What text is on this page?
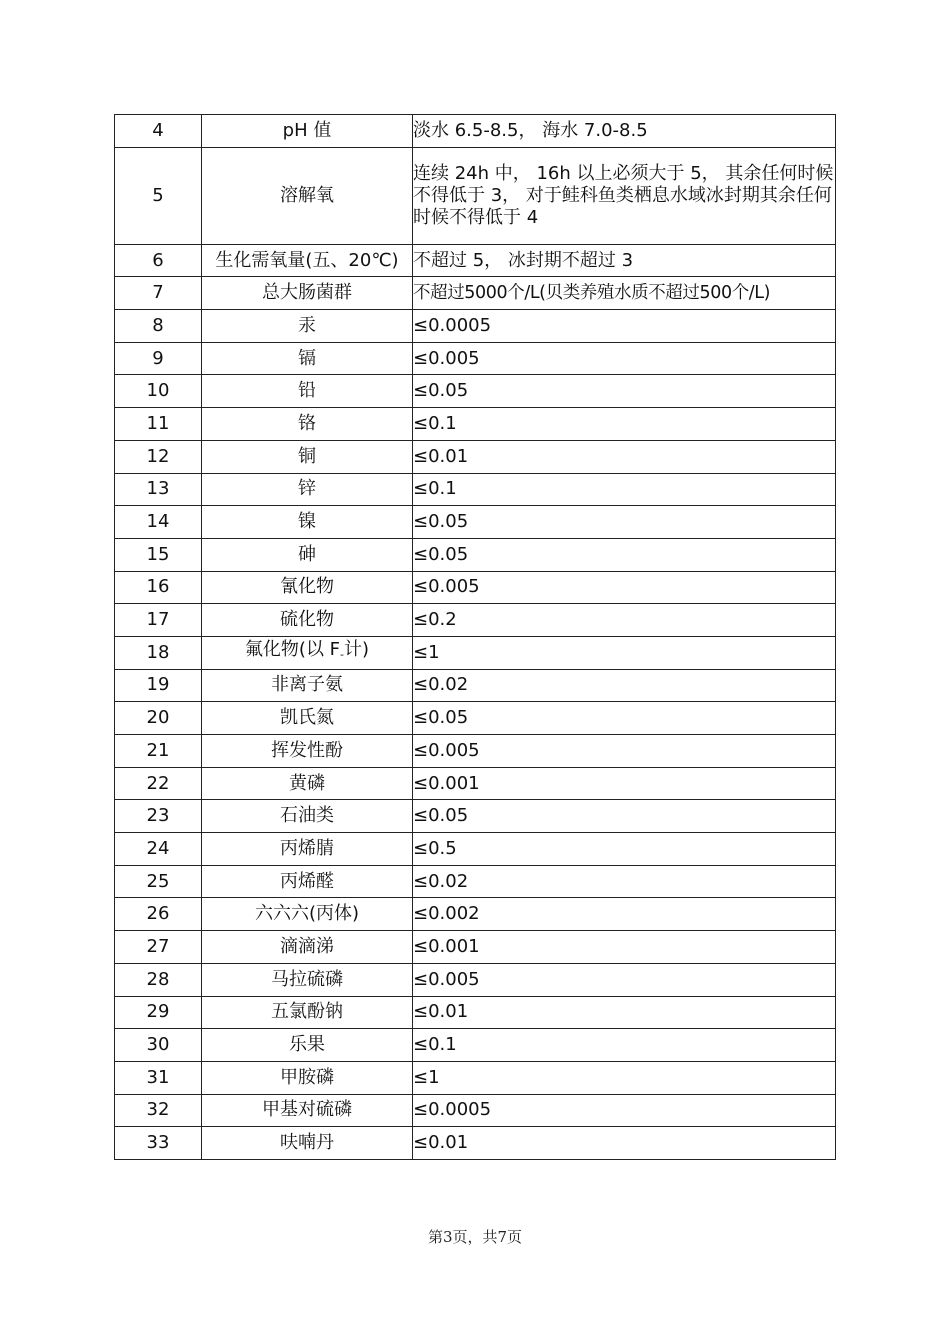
4	pH 值	淡水 6.5-8.5， 海水 7.0-8.5
5	溶解氧	连续 24h 中， 16h 以上必须大于 5， 其余任何时候不得低于 3， 对于鲑科鱼类栖息水域冰封期其余任何时候不得低于 4
6	生化需氧量(五、20℃)	不超过 5， 冰封期不超过 3
7	总大肠菌群	不超过5000个/L(贝类养殖水质不超过500个/L)
8	汞	≤0.0005
9	镉	≤0.005
10	铅	≤0.05
11	铬	≤0.1
12	铜	≤0.01
13	锌	≤0.1
14	镍	≤0.05
15	砷	≤0.05
16	氰化物	≤0.005
17	硫化物	≤0.2
18	氟化物(以 $F_-$计)	≤1
19	非离子氨	≤0.02
20	凯氏氮	≤0.05
21	挥发性酚	≤0.005
22	黄磷	≤0.001
23	石油类	≤0.05
24	丙烯腈	≤0.5
25	丙烯醛	≤0.02
26	六六六(丙体)	≤0.002
27	滴滴涕	≤0.001
28	马拉硫磷	≤0.005
29	五氯酚钠	≤0.01
30	乐果	≤0.1
31	甲胺磷	≤1
32	甲基对硫磷	≤0.0005
33	呋喃丹	≤0.01
第3页，共7页
